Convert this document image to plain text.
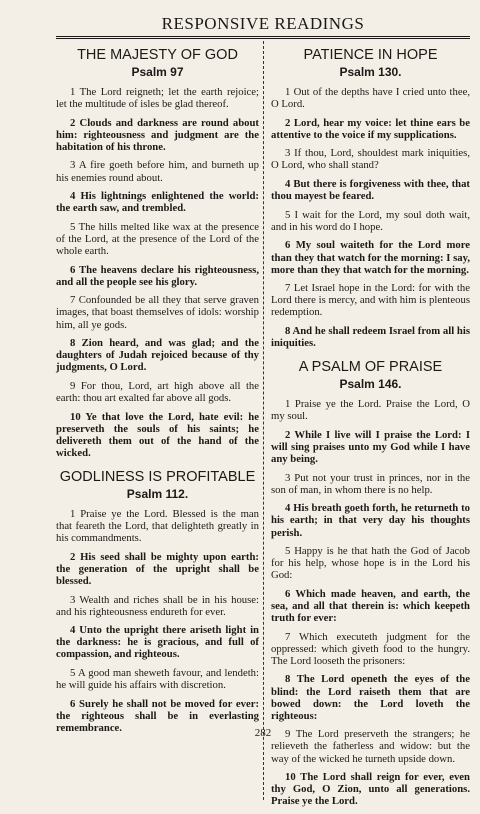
RESPONSIVE READINGS
THE MAJESTY OF GOD
Psalm 97

1 The Lord reigneth; let the earth rejoice; let the multitude of isles be glad thereof.

2 Clouds and darkness are round about him: righteousness and judgment are the habitation of his throne.

3 A fire goeth before him, and burneth up his enemies round about.

4 His lightnings enlightened the world: the earth saw, and trembled.

5 The hills melted like wax at the presence of the Lord, at the presence of the Lord of the whole earth.

6 The heavens declare his righteousness, and all the people see his glory.

7 Confounded be all they that serve graven images, that boast themselves of idols: worship him, all ye gods.

8 Zion heard, and was glad; and the daughters of Judah rejoiced because of thy judgments, O Lord.

9 For thou, Lord, art high above all the earth: thou art exalted far above all gods.

10 Ye that love the Lord, hate evil: he preserveth the souls of his saints; he delivereth them out of the hand of the wicked.

GODLINESS IS PROFITABLE
Psalm 112.

1 Praise ye the Lord. Blessed is the man that feareth the Lord, that delighteth greatly in his commandments.

2 His seed shall be mighty upon earth: the generation of the upright shall be blessed.

3 Wealth and riches shall be in his house: and his righteousness endureth for ever.

4 Unto the upright there ariseth light in the darkness: he is gracious, and full of compassion, and righteous.

5 A good man sheweth favour, and lendeth: he will guide his affairs with discretion.

6 Surely he shall not be moved for ever: the righteous shall be in everlasting remembrance.

PATIENCE IN HOPE
Psalm 130.

1 Out of the depths have I cried unto thee, O Lord.

2 Lord, hear my voice: let thine ears be attentive to the voice if my supplications.

3 If thou, Lord, shouldest mark iniquities, O Lord, who shall stand?

4 But there is forgiveness with thee, that thou mayest be feared.

5 I wait for the Lord, my soul doth wait, and in his word do I hope.

6 My soul waiteth for the Lord more than they that watch for the morning: I say, more than they that watch for the morning.

7 Let Israel hope in the Lord: for with the Lord there is mercy, and with him is plenteous redemption.

8 And he shall redeem Israel from all his iniquities.

A PSALM OF PRAISE
Psalm 146.

1 Praise ye the Lord. Praise the Lord, O my soul.

2 While I live will I praise the Lord: I will sing praises unto my God while I have any being.

3 Put not your trust in princes, nor in the son of man, in whom there is no help.

4 His breath goeth forth, he returneth to his earth; in that very day his thoughts perish.

5 Happy is he that hath the God of Jacob for his help, whose hope is in the Lord his God:

6 Which made heaven, and earth, the sea, and all that therein is: which keepeth truth for ever:

7 Which executeth judgment for the oppressed: which giveth food to the hungry. The Lord looseth the prisoners:

8 The Lord openeth the eyes of the blind: the Lord raiseth them that are bowed down: the Lord loveth the righteous:

9 The Lord preserveth the strangers; he relieveth the fatherless and widow: but the way of the wicked he turneth upside down.

10 The Lord shall reign for ever, even thy God, O Zion, unto all generations. Praise ye the Lord.

282
